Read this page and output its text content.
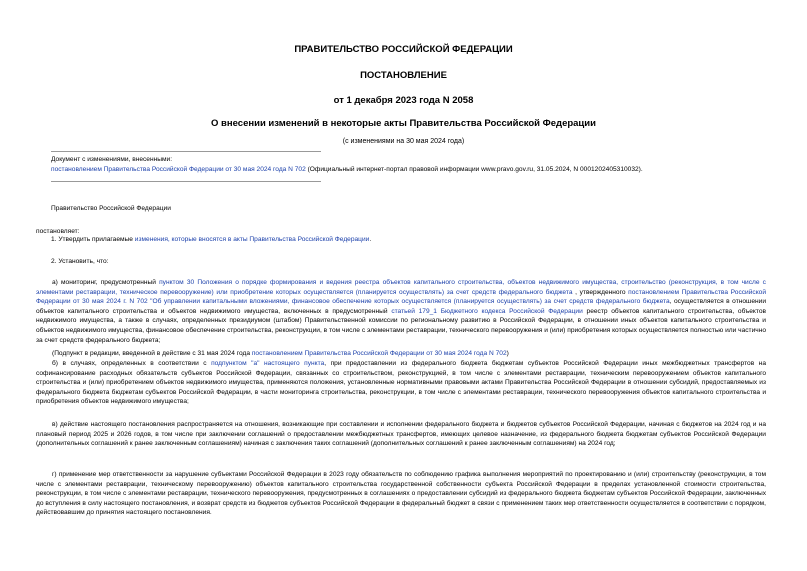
ПРАВИТЕЛЬСТВО РОССИЙСКОЙ ФЕДЕРАЦИИ
ПОСТАНОВЛЕНИЕ
от 1 декабря 2023 года N 2058
О внесении изменений в некоторые акты Правительства Российской Федерации
(с изменениями на 30 мая 2024 года)
Документ с изменениями, внесенными:
постановлением Правительства Российской Федерации от 30 мая 2024 года N 702 (Официальный интернет-портал правовой информации www.pravo.gov.ru, 31.05.2024, N 0001202405310032).
Правительство Российской Федерации
постановляет:
1. Утвердить прилагаемые изменения, которые вносятся в акты Правительства Российской Федерации.
2. Установить, что:
а) мониторинг, предусмотренный пунктом 30 Положения о порядке формирования и ведения реестра объектов капитального строительства, объектов недвижимого имущества, строительство (реконструкция, в том числе с элементами реставрации, техническое перевооружение) или приобретение которых осуществляется (планируется осуществлять) за счет средств федерального бюджета , утвержденного постановлением Правительства Российской Федерации от 30 мая 2024 г. N 702 "Об управлении капитальными вложениями, финансовое обеспечение которых осуществляется (планируется осуществлять) за счет средств федерального бюджета, осуществляется в отношении объектов капитального строительства и объектов недвижимого имущества, включенных в предусмотренный статьей 179_1 Бюджетного кодекса Российской Федерации реестр объектов капитального строительства, объектов недвижимого имущества, а также в случаях, определенных президиумом (штабом) Правительственной комиссии по региональному развитию в Российской Федерации, в отношении иных объектов капитального строительства и объектов недвижимого имущества, финансовое обеспечение строительства, реконструкции, в том числе с элементами реставрации, технического перевооружения и (или) приобретения которых осуществляется полностью или частично за счет средств федерального бюджета;
(Подпункт в редакции, введенной в действие с 31 мая 2024 года постановлением Правительства Российской Федерации от 30 мая 2024 года N 702)
б) в случаях, определенных в соответствии с подпунктом "а" настоящего пункта, при предоставлении из федерального бюджета бюджетам субъектов Российской Федерации иных межбюджетных трансфертов на софинансирование расходных обязательств субъектов Российской Федерации, связанных со строительством, реконструкцией, в том числе с элементами реставрации, техническим перевооружением объектов капитального строительства и (или) приобретением объектов недвижимого имущества, применяются положения, установленные нормативными правовыми актами Правительства Российской Федерации в отношении субсидий, предоставляемых из федерального бюджета бюджетам субъектов Российской Федерации, в части мониторинга строительства, реконструкции, в том числе с элементами реставрации, технического перевооружения объектов капитального строительства и приобретения объектов недвижимого имущества;
в) действие настоящего постановления распространяется на отношения, возникающие при составлении и исполнении федерального бюджета и бюджетов субъектов Российской Федерации, начиная с бюджетов на 2024 год и на плановый период 2025 и 2026 годов, в том числе при заключении соглашений о предоставлении межбюджетных трансфертов, имеющих целевое назначение, из федерального бюджета бюджетам субъектов Российской Федерации (дополнительных соглашений к ранее заключенным соглашениям) начиная с заключения таких соглашений (дополнительных соглашений к ранее заключенным соглашениям) на 2024 год;
г) применение мер ответственности за нарушение субъектами Российской Федерации в 2023 году обязательств по соблюдению графика выполнения мероприятий по проектированию и (или) строительству (реконструкции, в том числе с элементами реставрации, техническому перевооружению) объектов капитального строительства государственной собственности субъекта Российской Федерации в пределах установленной стоимости строительства, реконструкции, в том числе с элементами реставрации, технического перевооружения, предусмотренных в соглашениях о предоставлении субсидий из федерального бюджета бюджетам субъектов Российской Федерации, заключенных до вступления в силу настоящего постановления, и возврат средств из бюджетов субъектов Российской Федерации в федеральный бюджет в связи с применением таких мер ответственности осуществляется в соответствии с порядком, действовавшим до принятия настоящего постановления.
